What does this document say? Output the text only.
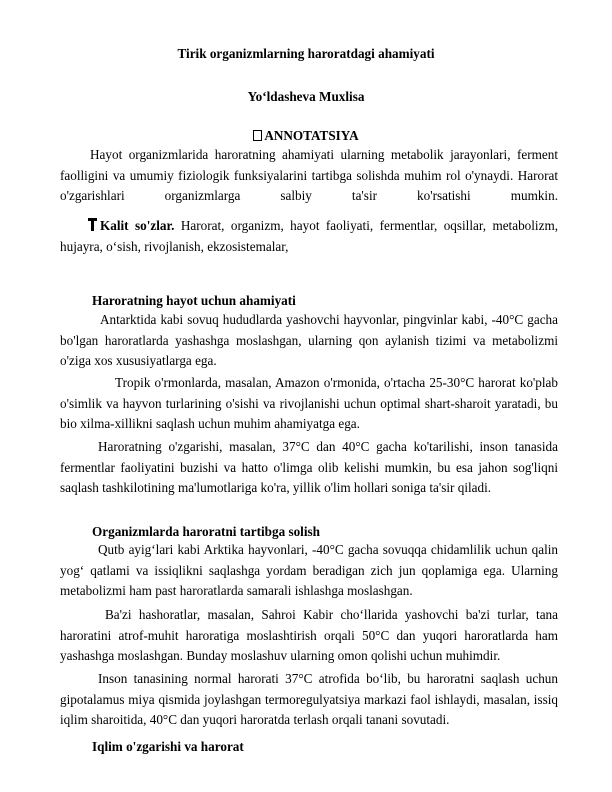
Tirik organizmlarning haroratdagi ahamiyati
Yo‘ldasheva Muxlisa
ANNOTATSIYA
Hayot organizmlarida haroratning ahamiyati ularning metabolik jarayonlari, ferment faolligini va umumiy fiziologik funksiyalarini tartibga solishda muhim rol o'ynaydi. Harorat o'zgarishlari organizmlarga salbiy ta'sir ko'rsatishi mumkin.
Kalit so'zlar. Harorat, organizm, hayot faoliyati, fermentlar, oqsillar, metabolizm, hujayra, o‘sish, rivojlanish, ekzosistemalar,
Haroratning hayot uchun ahamiyati
Antarktida kabi sovuq hududlarda yashovchi hayvonlar, pingvinlar kabi, -40°C gacha bo'lgan haroratlarda yashashga moslashgan, ularning qon aylanish tizimi va metabolizmi o'ziga xos xususiyatlarga ega.
Tropik o'rmonlarda, masalan, Amazon o'rmonida, o'rtacha 25-30°C harorat ko'plab o'simlik va hayvon turlarining o'sishi va rivojlanishi uchun optimal shart-sharoit yaratadi, bu bio xilma-xillikni saqlash uchun muhim ahamiyatga ega.
Haroratning o'zgarishi, masalan, 37°C dan 40°C gacha ko'tarilishi, inson tanasida fermentlar faoliyatini buzishi va hatto o'limga olib kelishi mumkin, bu esa jahon sog'liqni saqlash tashkilotining ma'lumotlariga ko'ra, yillik o'lim hollari soniga ta'sir qiladi.
Organizmlarda haroratni tartibga solish
Qutb ayig‘lari kabi Arktika hayvonlari, -40°C gacha sovuqqa chidamlilik uchun qalin yog‘ qatlami va issiqlikni saqlashga yordam beradigan zich jun qoplamiga ega. Ularning metabolizmi ham past haroratlarda samarali ishlashga moslashgan.
Ba'zi hashoratlar, masalan, Sahroi Kabir cho‘llarida yashovchi ba'zi turlar, tana haroratini atrof-muhit haroratiga moslashtirish orqali 50°C dan yuqori haroratlarda ham yashashga moslashgan. Bunday moslashuv ularning omon qolishi uchun muhimdir.
Inson tanasining normal harorati 37°C atrofida bo‘lib, bu haroratni saqlash uchun gipotalamus miya qismida joylashgan termoregulyatsiya markazi faol ishlaydi, masalan, issiq iqlim sharoitida, 40°C dan yuqori haroratda terlash orqali tanani sovutadi.
Iqlim o'zgarishi va harorat
